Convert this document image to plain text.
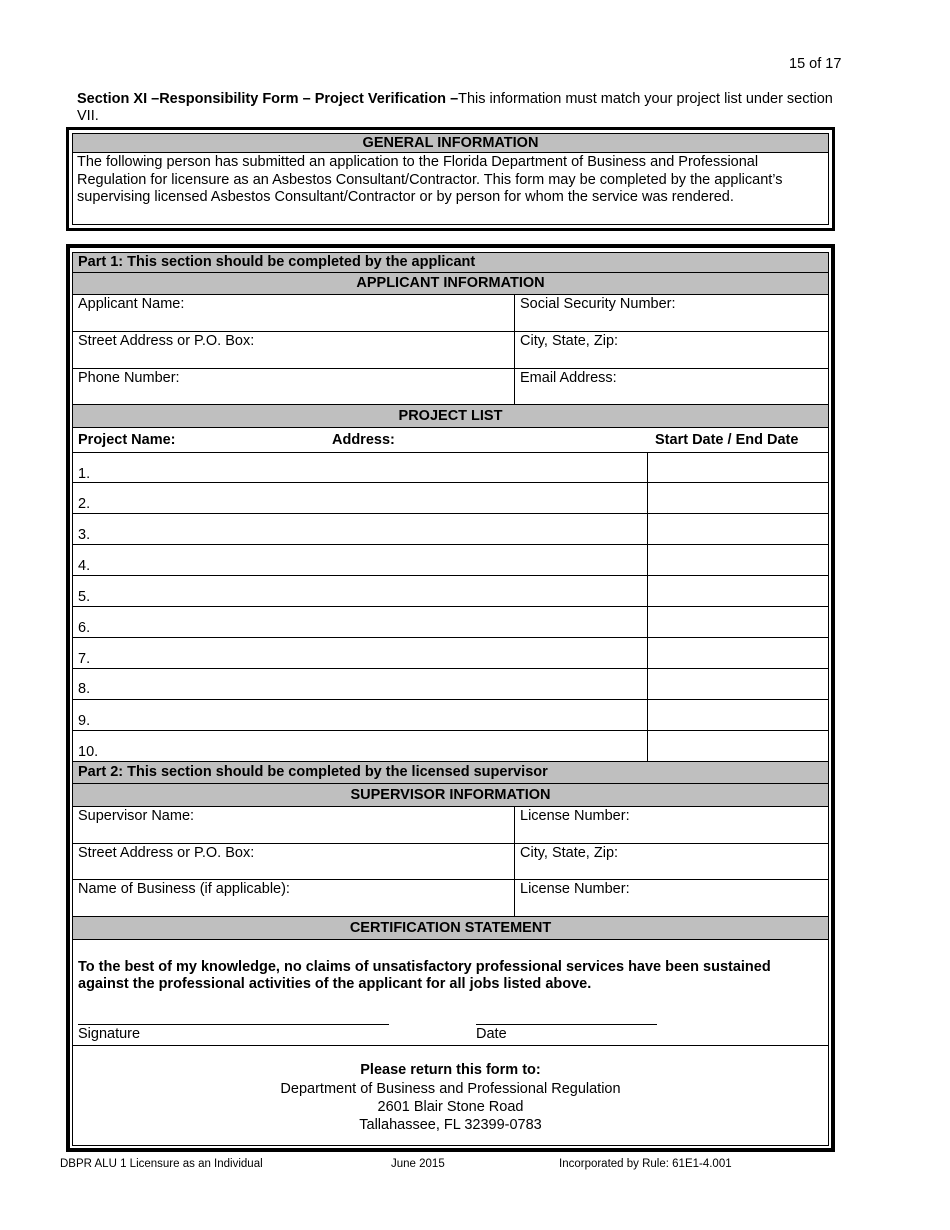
15 of 17
Section XI –Responsibility Form – Project Verification –This information must match your project list under section VII.
GENERAL INFORMATION
The following person has submitted an application to the Florida Department of Business and Professional Regulation for licensure as an Asbestos Consultant/Contractor. This form may be completed by the applicant’s supervising licensed Asbestos Consultant/Contractor or by person for whom the service was rendered.
Part 1: This section should be completed by the applicant
APPLICANT INFORMATION
Applicant Name:	Social Security Number:
Street Address or P.O. Box:	City, State, Zip:
Phone Number:	Email Address:
PROJECT LIST
Project Name:	Address:	Start Date / End Date
1.
2.
3.
4.
5.
6.
7.
8.
9.
10.
Part 2: This section should be completed by the licensed supervisor
SUPERVISOR INFORMATION
Supervisor Name:	License Number:
Street Address or P.O. Box:	City, State, Zip:
Name of Business (if applicable):	License Number:
CERTIFICATION STATEMENT
To the best of my knowledge, no claims of unsatisfactory professional services have been sustained against the professional activities of the applicant for all jobs listed above.
Signature	Date
Please return this form to:
Department of Business and Professional Regulation
2601 Blair Stone Road
Tallahassee, FL 32399-0783
DBPR ALU 1 Licensure as an Individual	June 2015	Incorporated by Rule: 61E1-4.001
